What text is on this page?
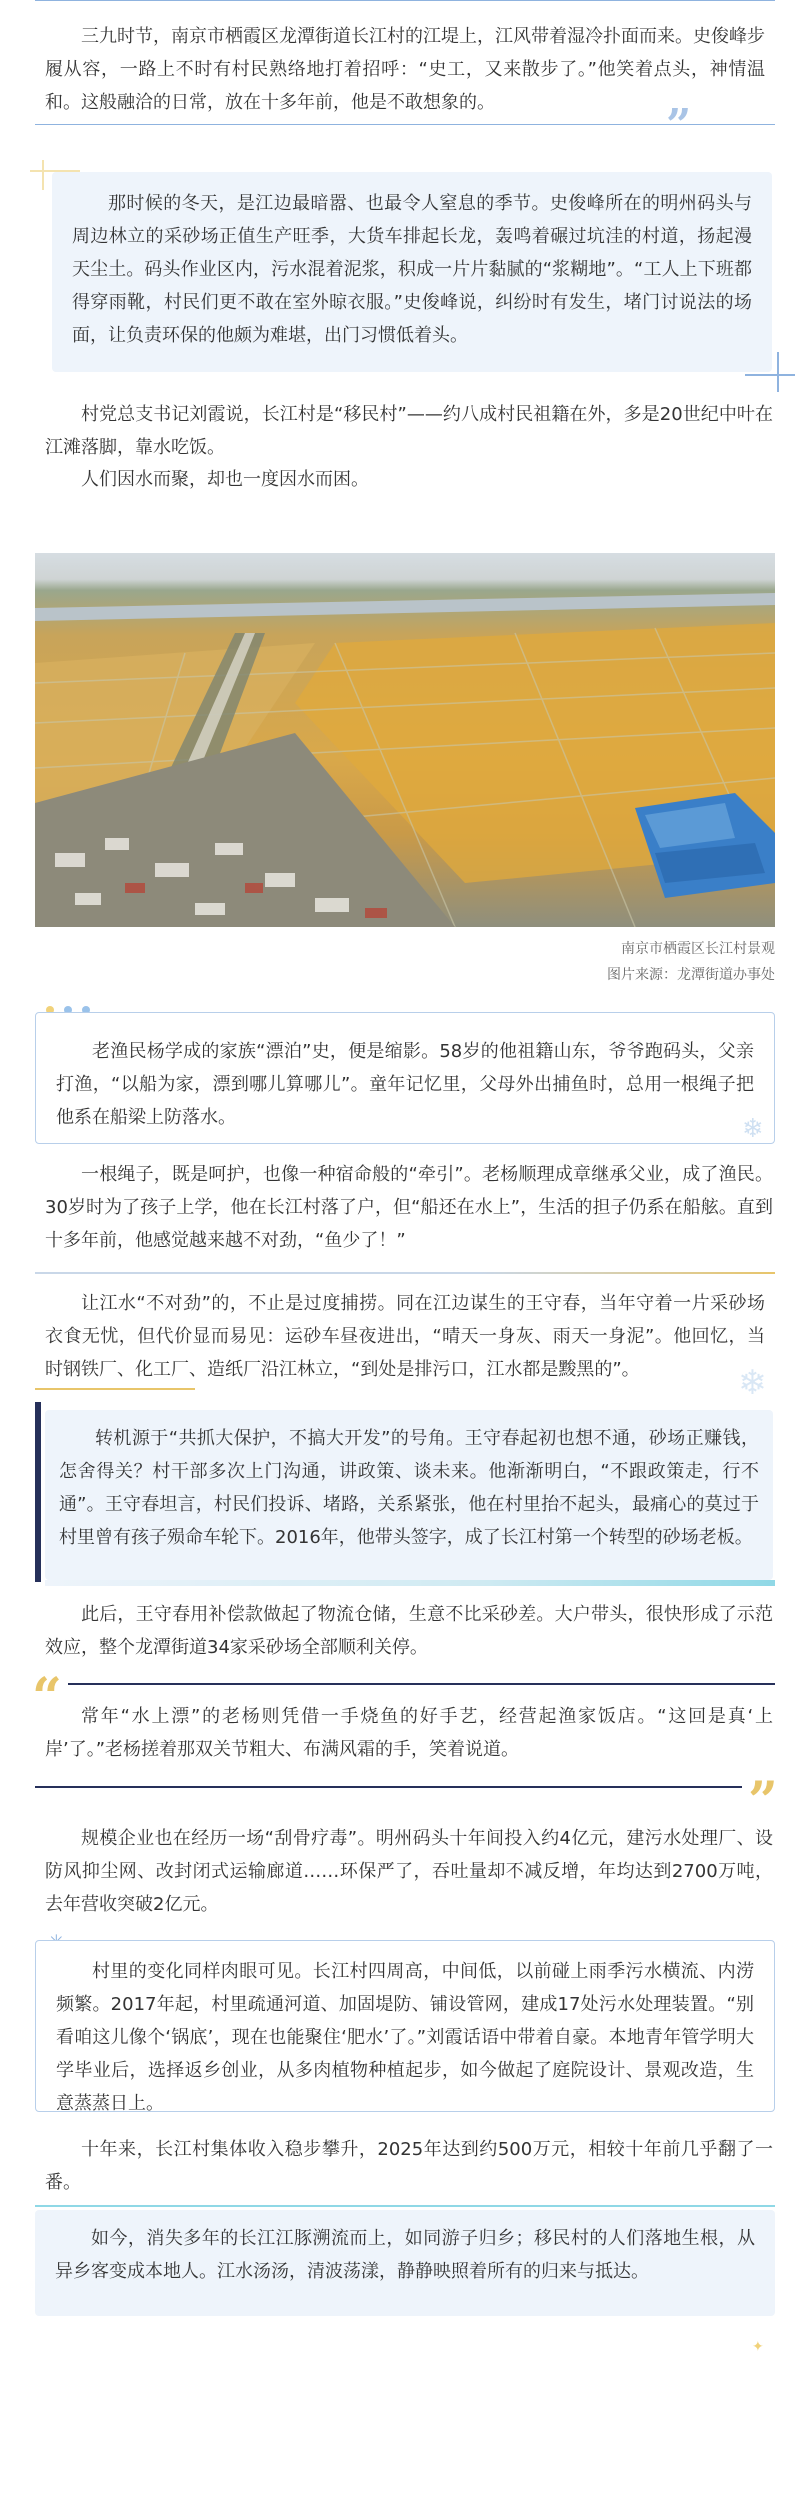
三九时节，南京市栖霞区龙潭街道长江村的江堤上，江风带着湿冷扑面而来。史俊峰步履从容，一路上不时有村民熟络地打着招呼：“史工，又来散步了。”他笑着点头，神情温和。这般融洽的日常，放在十多年前，他是不敢想象的。	”

那时候的冬天，是江边最暗嚣、也最令人窒息的季节。史俊峰所在的明州码头与周边林立的采砂场正值生产旺季，大货车排起长龙，轰鸣着碾过坑洼的村道，扬起漫天尘土。码头作业区内，污水混着泥浆，积成一片片黏腻的“浆糊地”。“工人上下班都得穿雨靴，村民们更不敢在室外晾衣服。”史俊峰说，纠纷时有发生，堵门讨说法的场面，让负责环保的他颇为难堪，出门习惯低着头。

村党总支书记刘霞说，长江村是“移民村”——约八成村民祖籍在外，多是20世纪中叶在江滩落脚，靠水吃饭。

人们因水而聚，却也一度因水而困。

南京市栖霞区长江村景观
图片来源：龙潭街道办事处

老渔民杨学成的家族“漂泊”史，便是缩影。58岁的他祖籍山东，爷爷跑码头，父亲打渔，“以船为家，漂到哪儿算哪儿”。童年记忆里，父母外出捕鱼时，总用一根绳子把他系在船梁上防落水。	❄

一根绳子，既是呵护，也像一种宿命般的“牵引”。老杨顺理成章继承父业，成了渔民。30岁时为了孩子上学，他在长江村落了户，但“船还在水上”，生活的担子仍系在船舷。直到十多年前，他感觉越来越不对劲，“鱼少了！”

让江水“不对劲”的，不止是过度捕捞。同在江边谋生的王守春，当年守着一片采砂场衣食无忧，但代价显而易见：运砂车昼夜进出，“晴天一身灰、雨天一身泥”。他回忆，当时钢铁厂、化工厂、造纸厂沿江林立，“到处是排污口，江水都是黢黑的”。	❄

转机源于“共抓大保护，不搞大开发”的号角。王守春起初也想不通，砂场正赚钱，怎舍得关？村干部多次上门沟通，讲政策、谈未来。他渐渐明白，“不跟政策走，行不通”。王守春坦言，村民们投诉、堵路，关系紧张，他在村里抬不起头，最痛心的莫过于村里曾有孩子殒命车轮下。2016年，他带头签字，成了长江村第一个转型的砂场老板。

此后，王守春用补偿款做起了物流仓储，生意不比采砂差。大户带头，很快形成了示范效应，整个龙潭街道34家采砂场全部顺利关停。

“	常年“水上漂”的老杨则凭借一手烧鱼的好手艺，经营起渔家饭店。“这回是真‘上岸’了。”老杨搓着那双关节粗大、布满风霜的手，笑着说道。

”

规模企业也在经历一场“刮骨疗毒”。明州码头十年间投入约4亿元，建污水处理厂、设防风抑尘网、改封闭式运输廊道……环保严了，吞吐量却不减反增，年均达到2700万吨，去年营收突破2亿元。

村里的变化同样肉眼可见。长江村四周高，中间低，以前碰上雨季污水横流、内涝频繁。2017年起，村里疏通河道、加固堤防、铺设管网，建成17处污水处理装置。“别看咱这儿像个‘锅底’，现在也能聚住‘肥水’了。”刘霞话语中带着自豪。本地青年管学明大学毕业后，选择返乡创业，从多肉植物种植起步，如今做起了庭院设计、景观改造，生意蒸蒸日上。

十年来，长江村集体收入稳步攀升，2025年达到约500万元，相较十年前几乎翻了一番。

如今，消失多年的长江江豚溯流而上，如同游子归乡；移民村的人们落地生根，从异乡客变成本地人。江水汤汤，清波荡漾，静静映照着所有的归来与抵达。

✦
